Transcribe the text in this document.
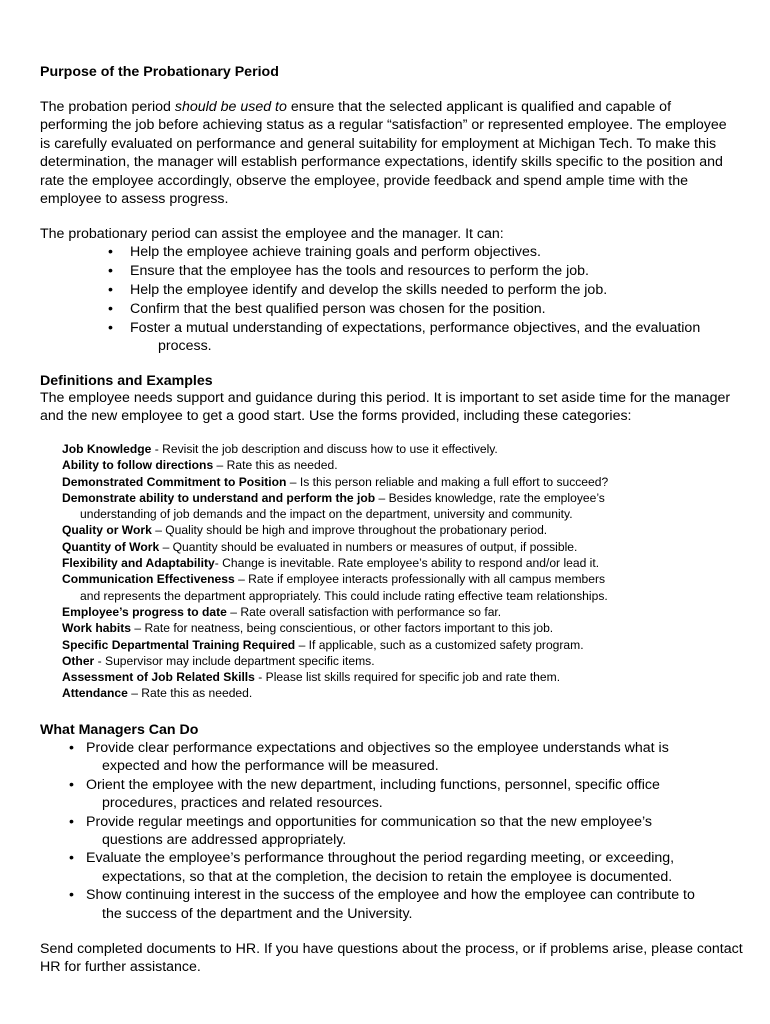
Purpose of the Probationary Period
The probation period should be used to ensure that the selected applicant is qualified and capable of performing the job before achieving status as a regular “satisfaction” or represented employee. The employee is carefully evaluated on performance and general suitability for employment at Michigan Tech. To make this determination, the manager will establish performance expectations, identify skills specific to the position and rate the employee accordingly, observe the employee, provide feedback and spend ample time with the employee to assess progress.
The probationary period can assist the employee and the manager. It can:
• Help the employee achieve training goals and perform objectives.
• Ensure that the employee has the tools and resources to perform the job.
• Help the employee identify and develop the skills needed to perform the job.
• Confirm that the best qualified person was chosen for the position.
• Foster a mutual understanding of expectations, performance objectives, and the evaluation
process.
Definitions and Examples
The employee needs support and guidance during this period. It is important to set aside time for the manager and the new employee to get a good start. Use the forms provided, including these categories:
Job Knowledge - Revisit the job description and discuss how to use it effectively.
Ability to follow directions – Rate this as needed.
Demonstrated Commitment to Position – Is this person reliable and making a full effort to succeed?
Demonstrate ability to understand and perform the job – Besides knowledge, rate the employee’s
understanding of job demands and the impact on the department, university and community.
Quality or Work – Quality should be high and improve throughout the probationary period.
Quantity of Work – Quantity should be evaluated in numbers or measures of output, if possible.
Flexibility and Adaptability- Change is inevitable. Rate employee’s ability to respond and/or lead it.
Communication Effectiveness – Rate if employee interacts professionally with all campus members
and represents the department appropriately. This could include rating effective team relationships.
Employee’s progress to date – Rate overall satisfaction with performance so far.
Work habits – Rate for neatness, being conscientious, or other factors important to this job.
Specific Departmental Training Required – If applicable, such as a customized safety program.
Other - Supervisor may include department specific items.
Assessment of Job Related Skills - Please list skills required for specific job and rate them.
Attendance – Rate this as needed.
What Managers Can Do
• Provide clear performance expectations and objectives so the employee understands what is
expected and how the performance will be measured.
• Orient the employee with the new department, including functions, personnel, specific office
procedures, practices and related resources.
• Provide regular meetings and opportunities for communication so that the new employee’s
questions are addressed appropriately.
• Evaluate the employee’s performance throughout the period regarding meeting, or exceeding,
expectations, so that at the completion, the decision to retain the employee is documented.
• Show continuing interest in the success of the employee and how the employee can contribute to
the success of the department and the University.
Send completed documents to HR. If you have questions about the process, or if problems arise, please contact HR for further assistance.
